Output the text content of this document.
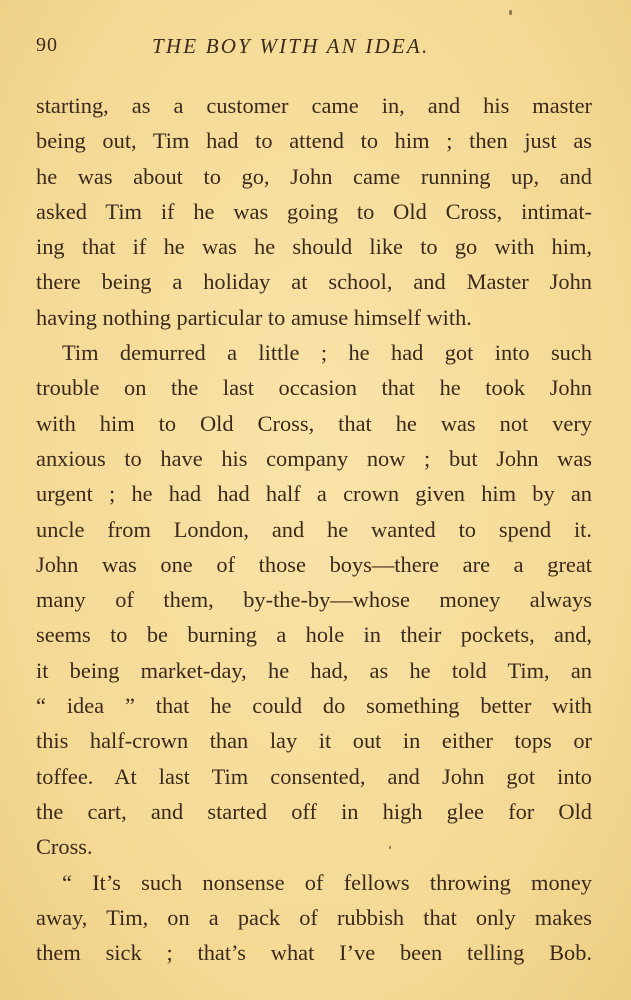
90	THE BOY WITH AN IDEA.
starting, as a customer came in, and his master
being out, Tim had to attend to him ; then just as
he was about to go, John came running up, and
asked Tim if he was going to Old Cross, intimat-
ing that if he was he should like to go with him,
there being a holiday at school, and Master John
having nothing particular to amuse himself with.
Tim demurred a little ; he had got into such
trouble on the last occasion that he took John
with him to Old Cross, that he was not very
anxious to have his company now ; but John was
urgent ; he had had half a crown given him by an
uncle from London, and he wanted to spend it.
John was one of those boys—there are a great
many of them, by-the-by—whose money always
seems to be burning a hole in their pockets, and,
it being market-day, he had, as he told Tim, an
“ idea ” that he could do something better with
this half-crown than lay it out in either tops or
toffee. At last Tim consented, and John got into
the cart, and started off in high glee for Old
Cross.
“ It’s such nonsense of fellows throwing money
away, Tim, on a pack of rubbish that only makes
them sick ; that’s what I’ve been telling Bob.
